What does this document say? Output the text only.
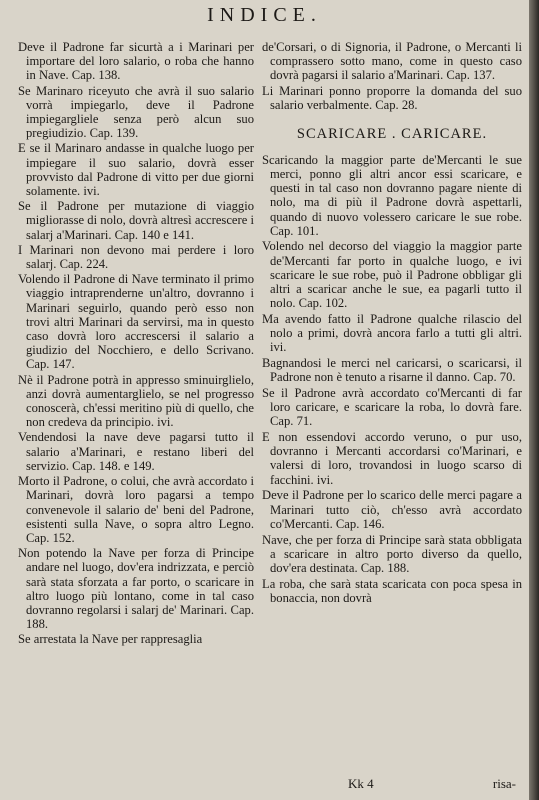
INDICE.

Deve il Padrone far sicurtà a i Marinari per importare del loro salario, o roba che hanno in Nave. Cap. 138.

Se Marinaro riceyuto che avrà il suo salario vorrà impiegarlo, deve il Padrone impiegargliele senza però alcun suo pregiudizio. Cap. 139.

E se il Marinaro andasse in qualche luogo per impiegare il suo salario, dovrà esser provvisto dal Padrone di vitto per due giorni solamente. ivi.

Se il Padrone per mutazione di viaggio migliorasse di nolo, dovrà altresì accrescere i salarj a'Marinari. Cap. 140 e 141.

I Marinari non devono mai perdere i loro salarj. Cap. 224.

Volendo il Padrone di Nave terminato il primo viaggio intraprenderne un'altro, dovranno i Marinari seguirlo, quando però esso non trovi altri Marinari da servirsi, ma in questo caso dovrà loro accrescersi il salario a giudizio del Nocchiero, e dello Scrivano. Cap. 147.

Nè il Padrone potrà in appresso sminuirglielo, anzi dovrà aumentarglielo, se nel progresso conoscerà, ch'essi meritino più di quello, che non credeva da principio. ivi.

Vendendosi la nave deve pagarsi tutto il salario a'Marinari, e restano liberi del servizio. Cap. 148. e 149.

Morto il Padrone, o colui, che avrà accordato i Marinari, dovrà loro pagarsi a tempo convenevole il salario de' beni del Padrone, esistenti sulla Nave, o sopra altro Legno. Cap. 152.

Non potendo la Nave per forza di Principe andare nel luogo, dov'era indrizzata, e perciò sarà stata sforzata a far porto, o scaricare in altro luogo più lontano, come in tal caso dovranno regolarsi i salarj de' Marinari. Cap. 188.

Se arrestata la Nave per rappresaglia

de'Corsari, o di Signoria, il Padrone, o Mercanti li comprassero sotto mano, come in questo caso dovrà pagarsi il salario a'Marinari. Cap. 137.

Li Marinari ponno proporre la domanda del suo salario verbalmente. Cap. 28.

SCARICARE . CARICARE.

Scaricando la maggior parte de'Mercanti le sue merci, ponno gli altri ancor essi scaricare, e questi in tal caso non dovranno pagare niente di nolo, ma di più il Padrone dovrà aspettarli, quando di nuovo volessero caricare le sue robe. Cap. 101.

Volendo nel decorso del viaggio la maggior parte de'Mercanti far porto in qualche luogo, e ivi scaricare le sue robe, può il Padrone obbligar gli altri a scaricar anche le sue, ea pagarli tutto il nolo. Cap. 102.

Ma avendo fatto il Padrone qualche rilascio del nolo a primi, dovrà ancora farlo a tutti gli altri. ivi.

Bagnandosi le merci nel caricarsi, o scaricarsi, il Padrone non è tenuto a risarne il danno. Cap. 70.

Se il Padrone avrà accordato co'Mercanti di far loro caricare, e scaricare la roba, lo dovrà fare. Cap. 71.

E non essendovi accordo veruno, o pur uso, dovranno i Mercanti accordarsi co'Marinari, e valersi di loro, trovandosi in luogo scarso di facchini. ivi.

Deve il Padrone per lo scarico delle merci pagare a Marinari tutto ciò, ch'esso avrà accordato co'Mercanti. Cap. 146.

Nave, che per forza di Principe sarà stata obbligata a scaricare in altro porto diverso da quello, dov'era destinata. Cap. 188.

La roba, che sarà stata scaricata con poca spesa in bonaccia, non dovrà

Kk 4	risa-
